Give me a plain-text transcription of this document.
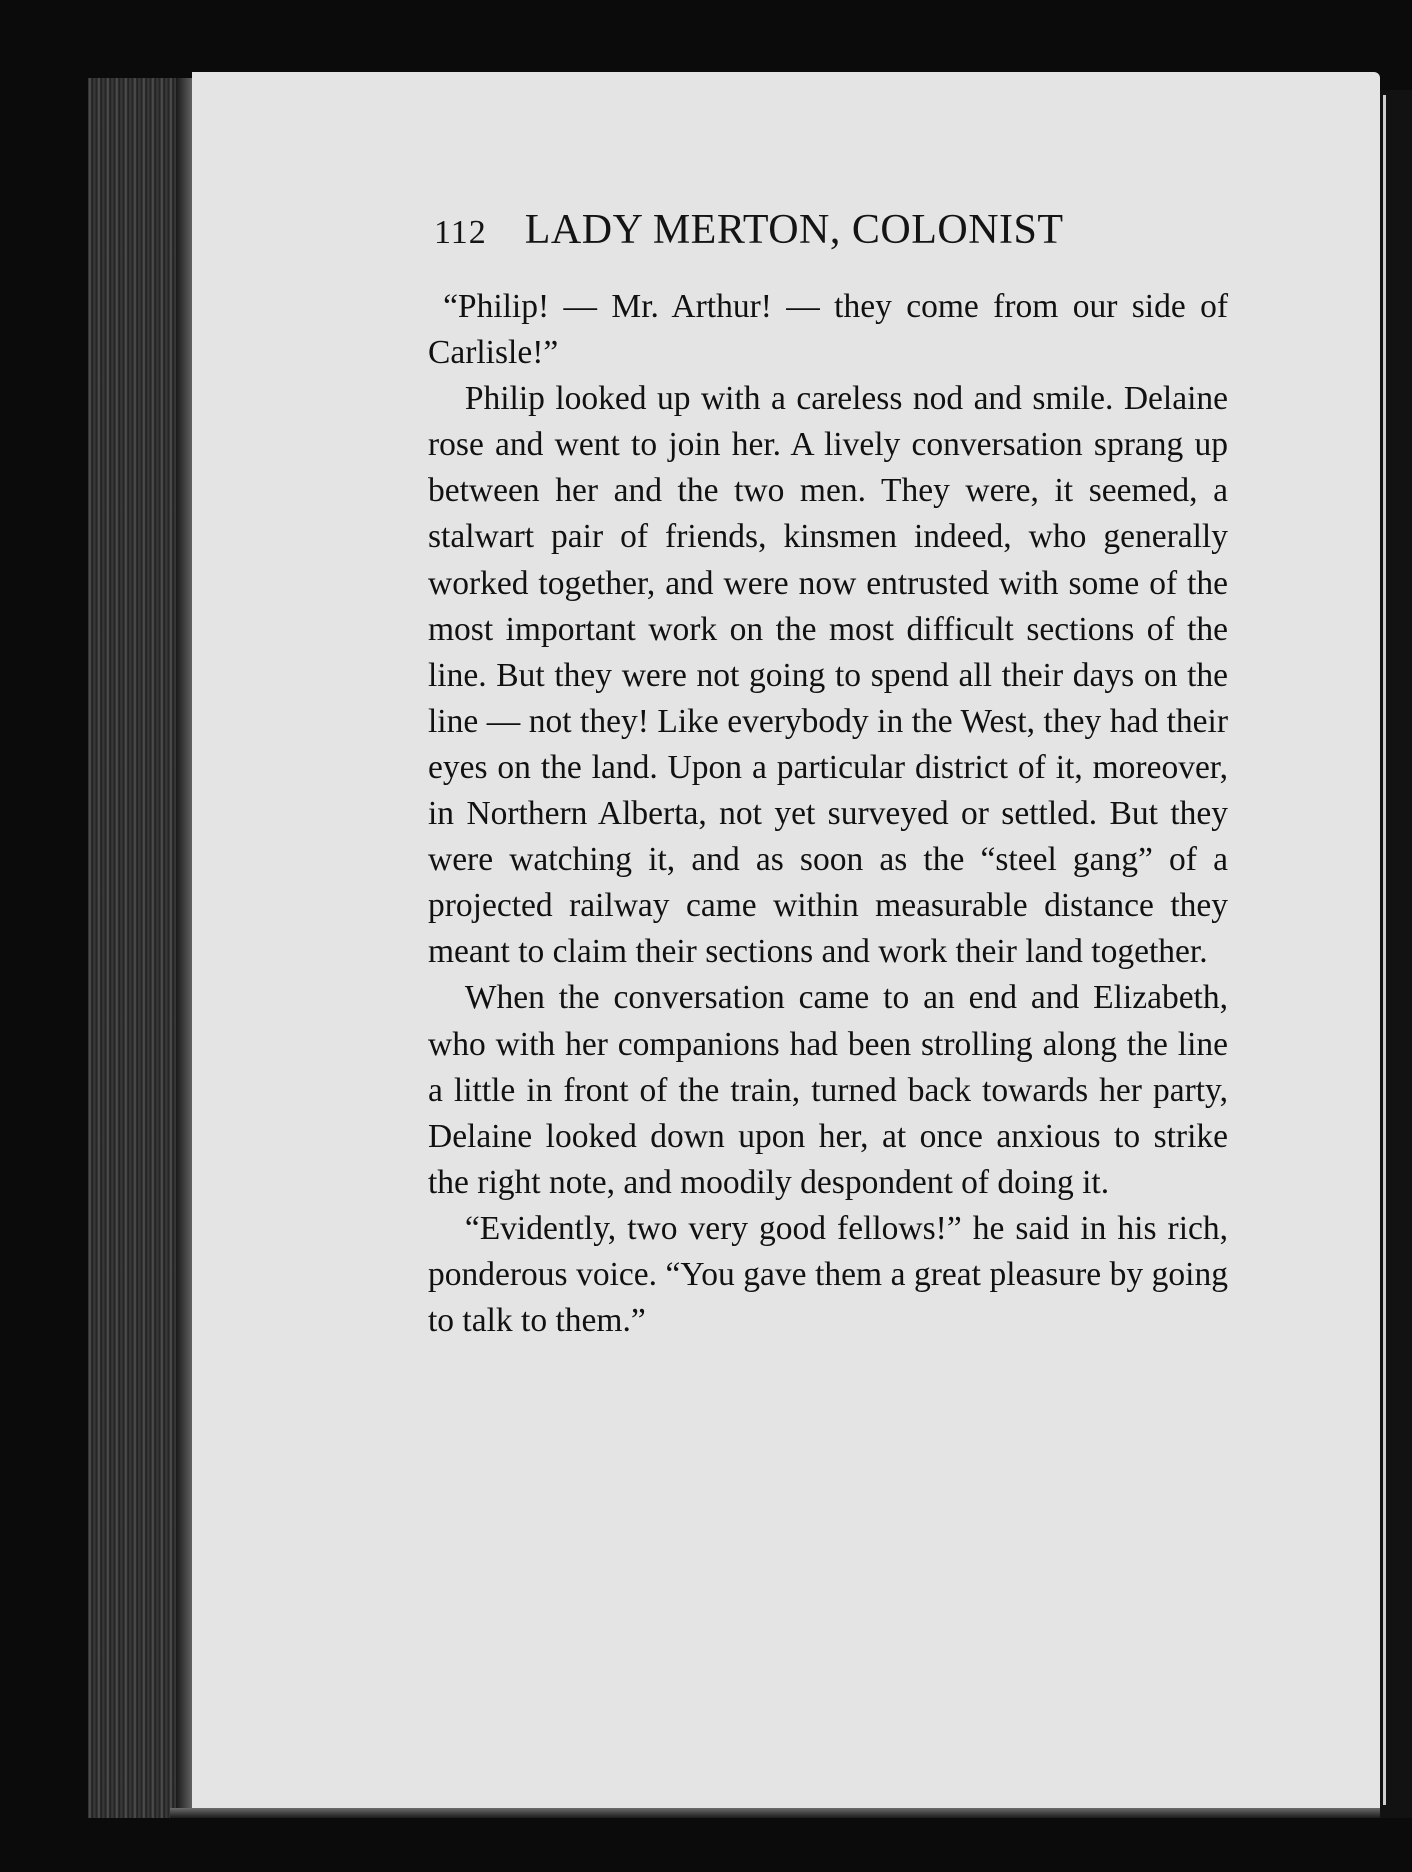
112 LADY MERTON, COLONIST

“Philip! — Mr. Arthur! — they come from our side of Carlisle!”

Philip looked up with a careless nod and smile. Delaine rose and went to join her. A lively conversation sprang up between her and the two men. They were, it seemed, a stalwart pair of friends, kinsmen indeed, who generally worked together, and were now entrusted with some of the most important work on the most difficult sections of the line. But they were not going to spend all their days on the line — not they! Like everybody in the West, they had their eyes on the land. Upon a particular district of it, moreover, in Northern Alberta, not yet surveyed or settled. But they were watching it, and as soon as the “steel gang” of a projected railway came within measurable distance they meant to claim their sections and work their land together.

When the conversation came to an end and Elizabeth, who with her companions had been strolling along the line a little in front of the train, turned back towards her party, Delaine looked down upon her, at once anxious to strike the right note, and moodily despondent of doing it.

“Evidently, two very good fellows!” he said in his rich, ponderous voice. “You gave them a great pleasure by going to talk to them.”
